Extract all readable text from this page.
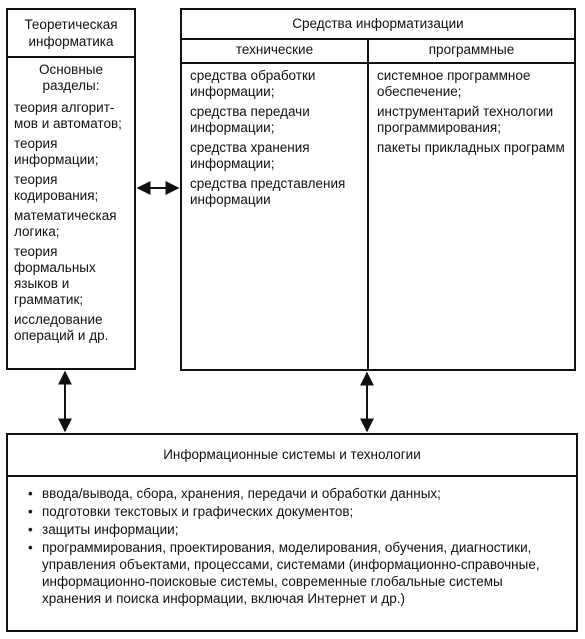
Теоретическая информатика
Основные разделы:
теория алгорит-мов и автоматов;
теория информации;
теория кодирования;
математическая логика;
теория формальных языков и грамматик;
исследование операций и др.
Средства информатизации
технические	программные
средства обработки информации;
средства передачи информации;
средства хранения информации;
средства представления информации
системное программное обеспечение;
инструментарий технологии программирования;
пакеты прикладных программ
Информационные системы и технологии
• ввода/вывода, сбора, хранения, передачи и обработки данных;
• подготовки текстовых и графических документов;
• защиты информации;
• программирования, проектирования, моделирования, обучения, диагностики, управления объектами, процессами, системами (информационно-справочные, информационно-поисковые системы, современные глобальные системы хранения и поиска информации, включая Интернет и др.)
